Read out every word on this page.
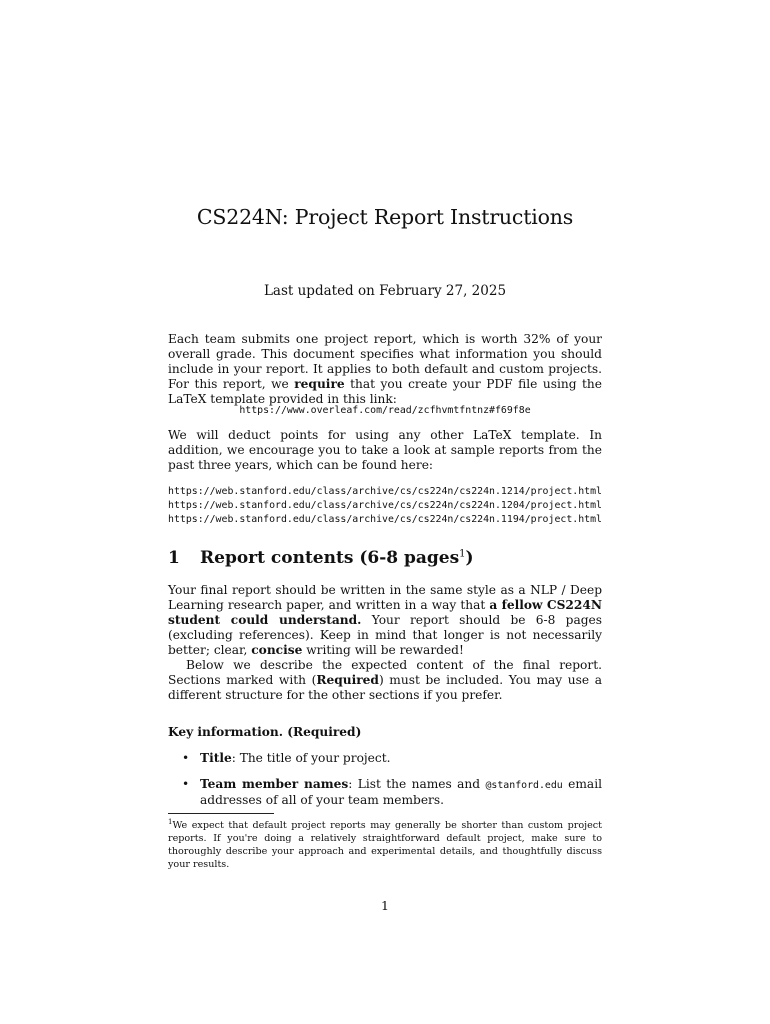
CS224N: Project Report Instructions
Last updated on February 27, 2025

Each team submits one project report, which is worth 32% of your overall grade. This document specifies what information you should include in your report. It applies to both default and custom projects. For this report, we require that you create your PDF file using the LaTeX template provided in this link:

https://www.overleaf.com/read/zcfhvmtfntnz#f69f8e

We will deduct points for using any other LaTeX template. In addition, we encourage you to take a look at sample reports from the past three years, which can be found here:

https://web.stanford.edu/class/archive/cs/cs224n/cs224n.1214/project.html
https://web.stanford.edu/class/archive/cs/cs224n/cs224n.1204/project.html
https://web.stanford.edu/class/archive/cs/cs224n/cs224n.1194/project.html
1 Report contents (6-8 pages$^1$)

Your final report should be written in the same style as a NLP / Deep Learning research paper, and written in a way that a fellow CS224N student could understand. Your report should be 6-8 pages (excluding references). Keep in mind that longer is not necessarily better; clear, concise writing will be rewarded!

Below we describe the expected content of the final report. Sections marked with (Required) must be included. You may use a different structure for the other sections if you prefer.

Key information. (Required)

• Title: The title of your project.
• Team member names: List the names and @stanford.edu email addresses of all of your team members.
$^1$We expect that default project reports may generally be shorter than custom project reports. If you're doing a relatively straightforward default project, make sure to thoroughly describe your approach and experimental details, and thoughtfully discuss your results.
1
